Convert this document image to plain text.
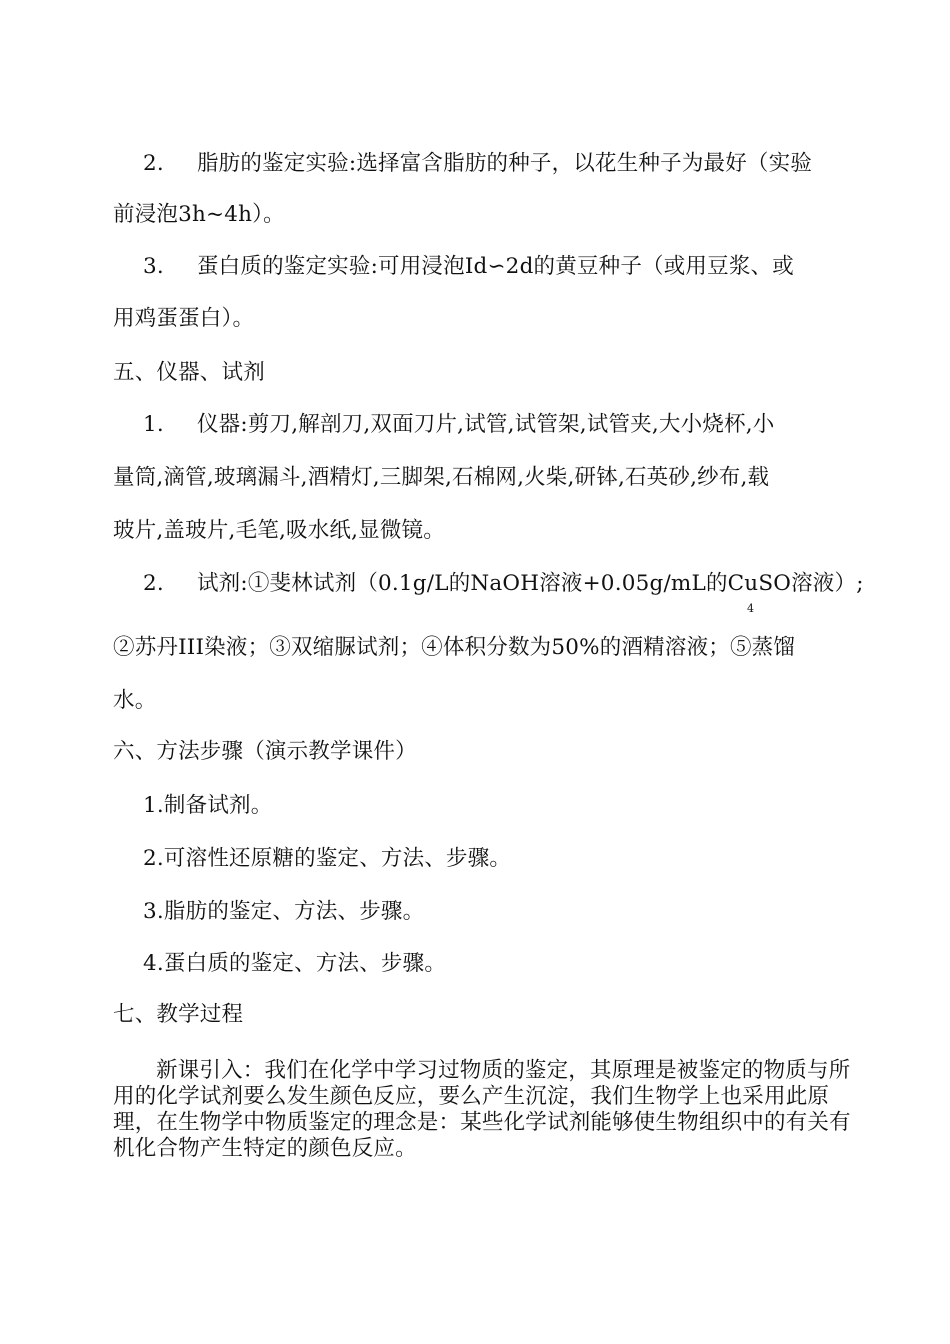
2. 脂肪的鉴定实验:选择富含脂肪的种子，以花生种子为最好（实验
前浸泡3h~4h）。
3. 蛋白质的鉴定实验:可用浸泡Id∽2d的黄豆种子（或用豆浆、或
用鸡蛋蛋白）。
五、仪器、试剂
1. 仪器:剪刀,解剖刀,双面刀片,试管,试管架,试管夹,大小烧杯,小
量筒,滴管,玻璃漏斗,酒精灯,三脚架,石棉网,火柴,研钵,石英砂,纱布,载
玻片,盖玻片,毛笔,吸水纸,显微镜。
2. 试剂:①斐林试剂（0.1g/L的NaOH溶液+0.05g/mL的CuSO溶液）;
4
②苏丹III染液；③双缩脲试剂；④体积分数为50%的酒精溶液；⑤蒸馏
水。
六、方法步骤（演示教学课件）
1.制备试剂。
2.可溶性还原糖的鉴定、方法、步骤。
3.脂肪的鉴定、方法、步骤。
4.蛋白质的鉴定、方法、步骤。
七、教学过程
新课引入：我们在化学中学习过物质的鉴定，其原理是被鉴定的物质与所用的化学试剂要么发生颜色反应，要么产生沉淀，我们生物学上也采用此原理，在生物学中物质鉴定的理念是：某些化学试剂能够使生物组织中的有关有机化合物产生特定的颜色反应。
